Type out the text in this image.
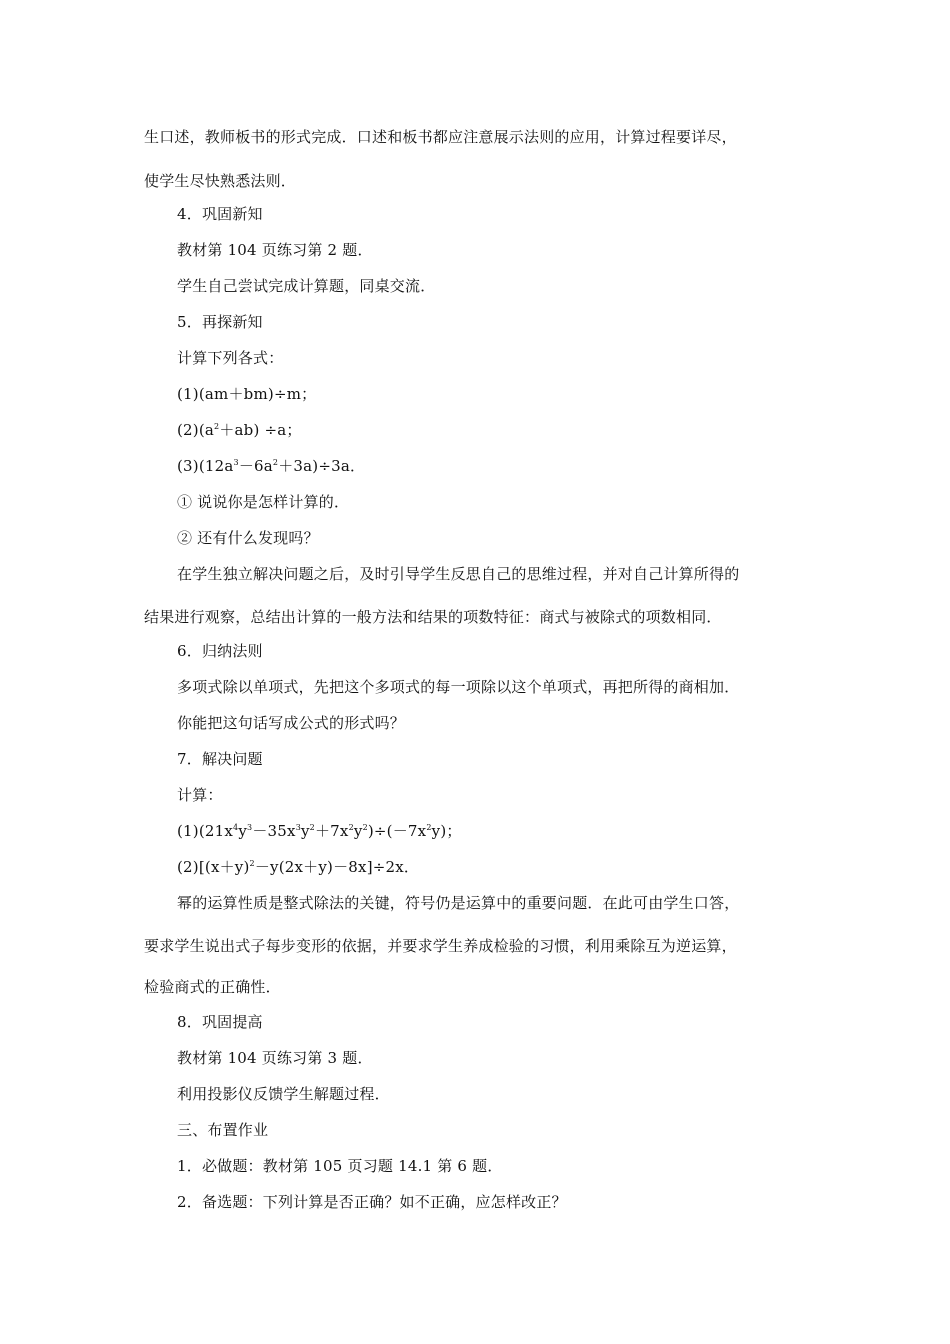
生口述，教师板书的形式完成．口述和板书都应注意展示法则的应用，计算过程要详尽，
使学生尽快熟悉法则．
4．巩固新知
教材第 104 页练习第 2 题．
学生自己尝试完成计算题，同桌交流．
5．再探新知
计算下列各式：
(1)(am＋bm)÷m；
$(2)(a^2+ab) \div a$；
$(3)(12a^3-6a^2+3a)\div 3a$．
① 说说你是怎样计算的．
② 还有什么发现吗？
在学生独立解决问题之后，及时引导学生反思自己的思维过程，并对自己计算所得的
结果进行观察，总结出计算的一般方法和结果的项数特征：商式与被除式的项数相同．
6．归纳法则
多项式除以单项式，先把这个多项式的每一项除以这个单项式，再把所得的商相加．
你能把这句话写成公式的形式吗？
7．解决问题
计算：
$(1)(21x^4y^3-35x^3y^2+7x^2y^2)\div(-7x^2y)$；
$(2)[(x+y)^2-y(2x+y)-8x]\div 2x$．
幂的运算性质是整式除法的关键，符号仍是运算中的重要问题．在此可由学生口答，
要求学生说出式子每步变形的依据，并要求学生养成检验的习惯，利用乘除互为逆运算，
检验商式的正确性．
8．巩固提高
教材第 104 页练习第 3 题．
利用投影仪反馈学生解题过程．
三、布置作业
1．必做题：教材第 105 页习题 14.1 第 6 题．
2．备选题：下列计算是否正确？如不正确，应怎样改正？
